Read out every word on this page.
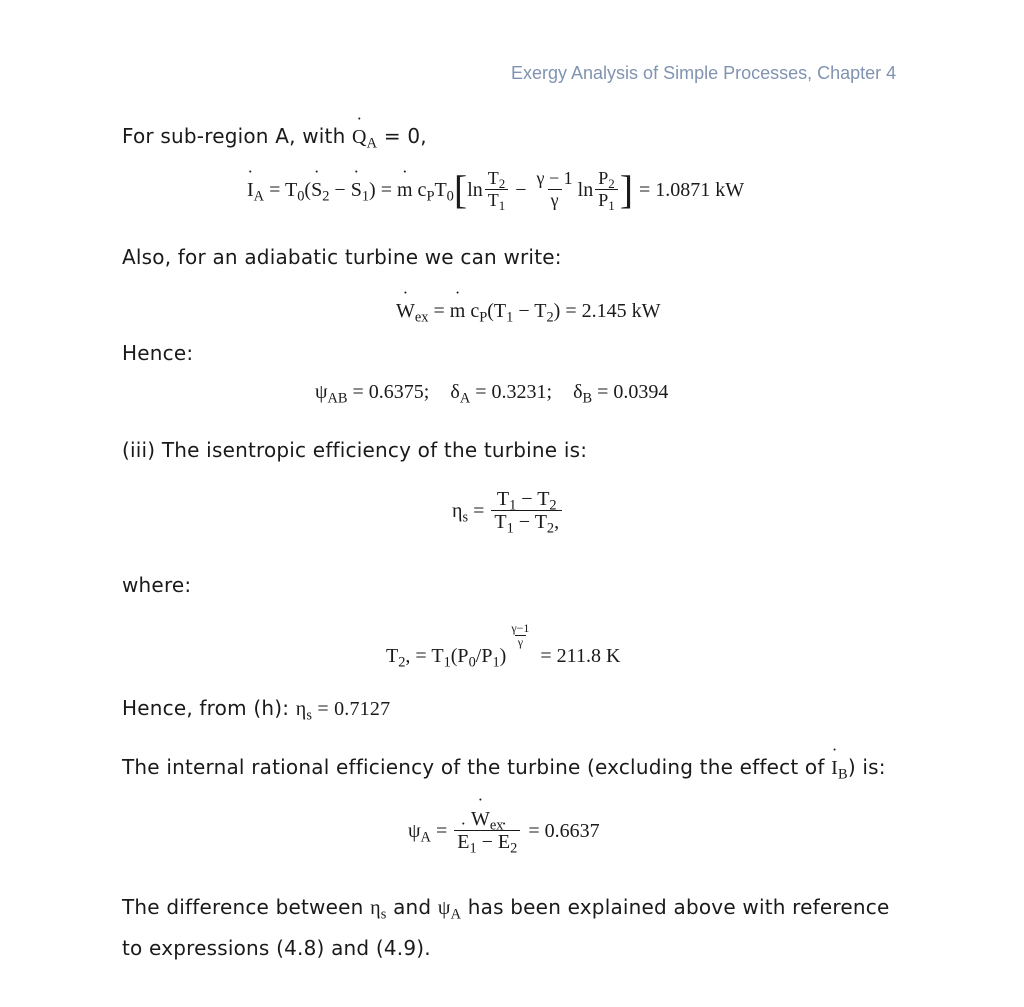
Exergy Analysis of Simple Processes, Chapter 4
For sub-region A, with ˙ $Q_A = 0$,
˙ $I_A$ = $T_0(˙$ $S_2$ − ˙ $S_1$) = ˙ m $c_PT_0$ [ $\ln \frac{T_2}{T_1} - \frac{\gamma - 1}{\gamma}$ $\ln \frac{P_2}{P_1}$ ] = 1.0871 kW
Also, for an adiabatic turbine we can write:
˙ $W_{ex}$ = ˙ m $c_P(T_1 - T_2) = 2.145$ kW
Hence:
$\psi_{AB} = 0.6375$; $\delta_A = 0.3231$; $\delta_B = 0.0394$
(iii) The isentropic efficiency of the turbine is:
$\eta_s = \frac{T_1 - T_2}{T_1 - T_2,}$
where:
$T_2$, = $T_1(P_0/P_1)$
$\frac{\gamma-1}{\gamma}$
= 211.8 K
Hence, from (h): $\eta_s = 0.7127$
The internal rational efficiency of the turbine (excluding the effect of ˙ $I_B$) is:
$\psi_A$ =
˙ $W_{ex}$
˙ $E_1$ − ˙ $E_2 = 0.6637$
The difference between $\eta_s$ and $\psi_A$ has been explained above with reference
to expressions (4.8) and (4.9).
